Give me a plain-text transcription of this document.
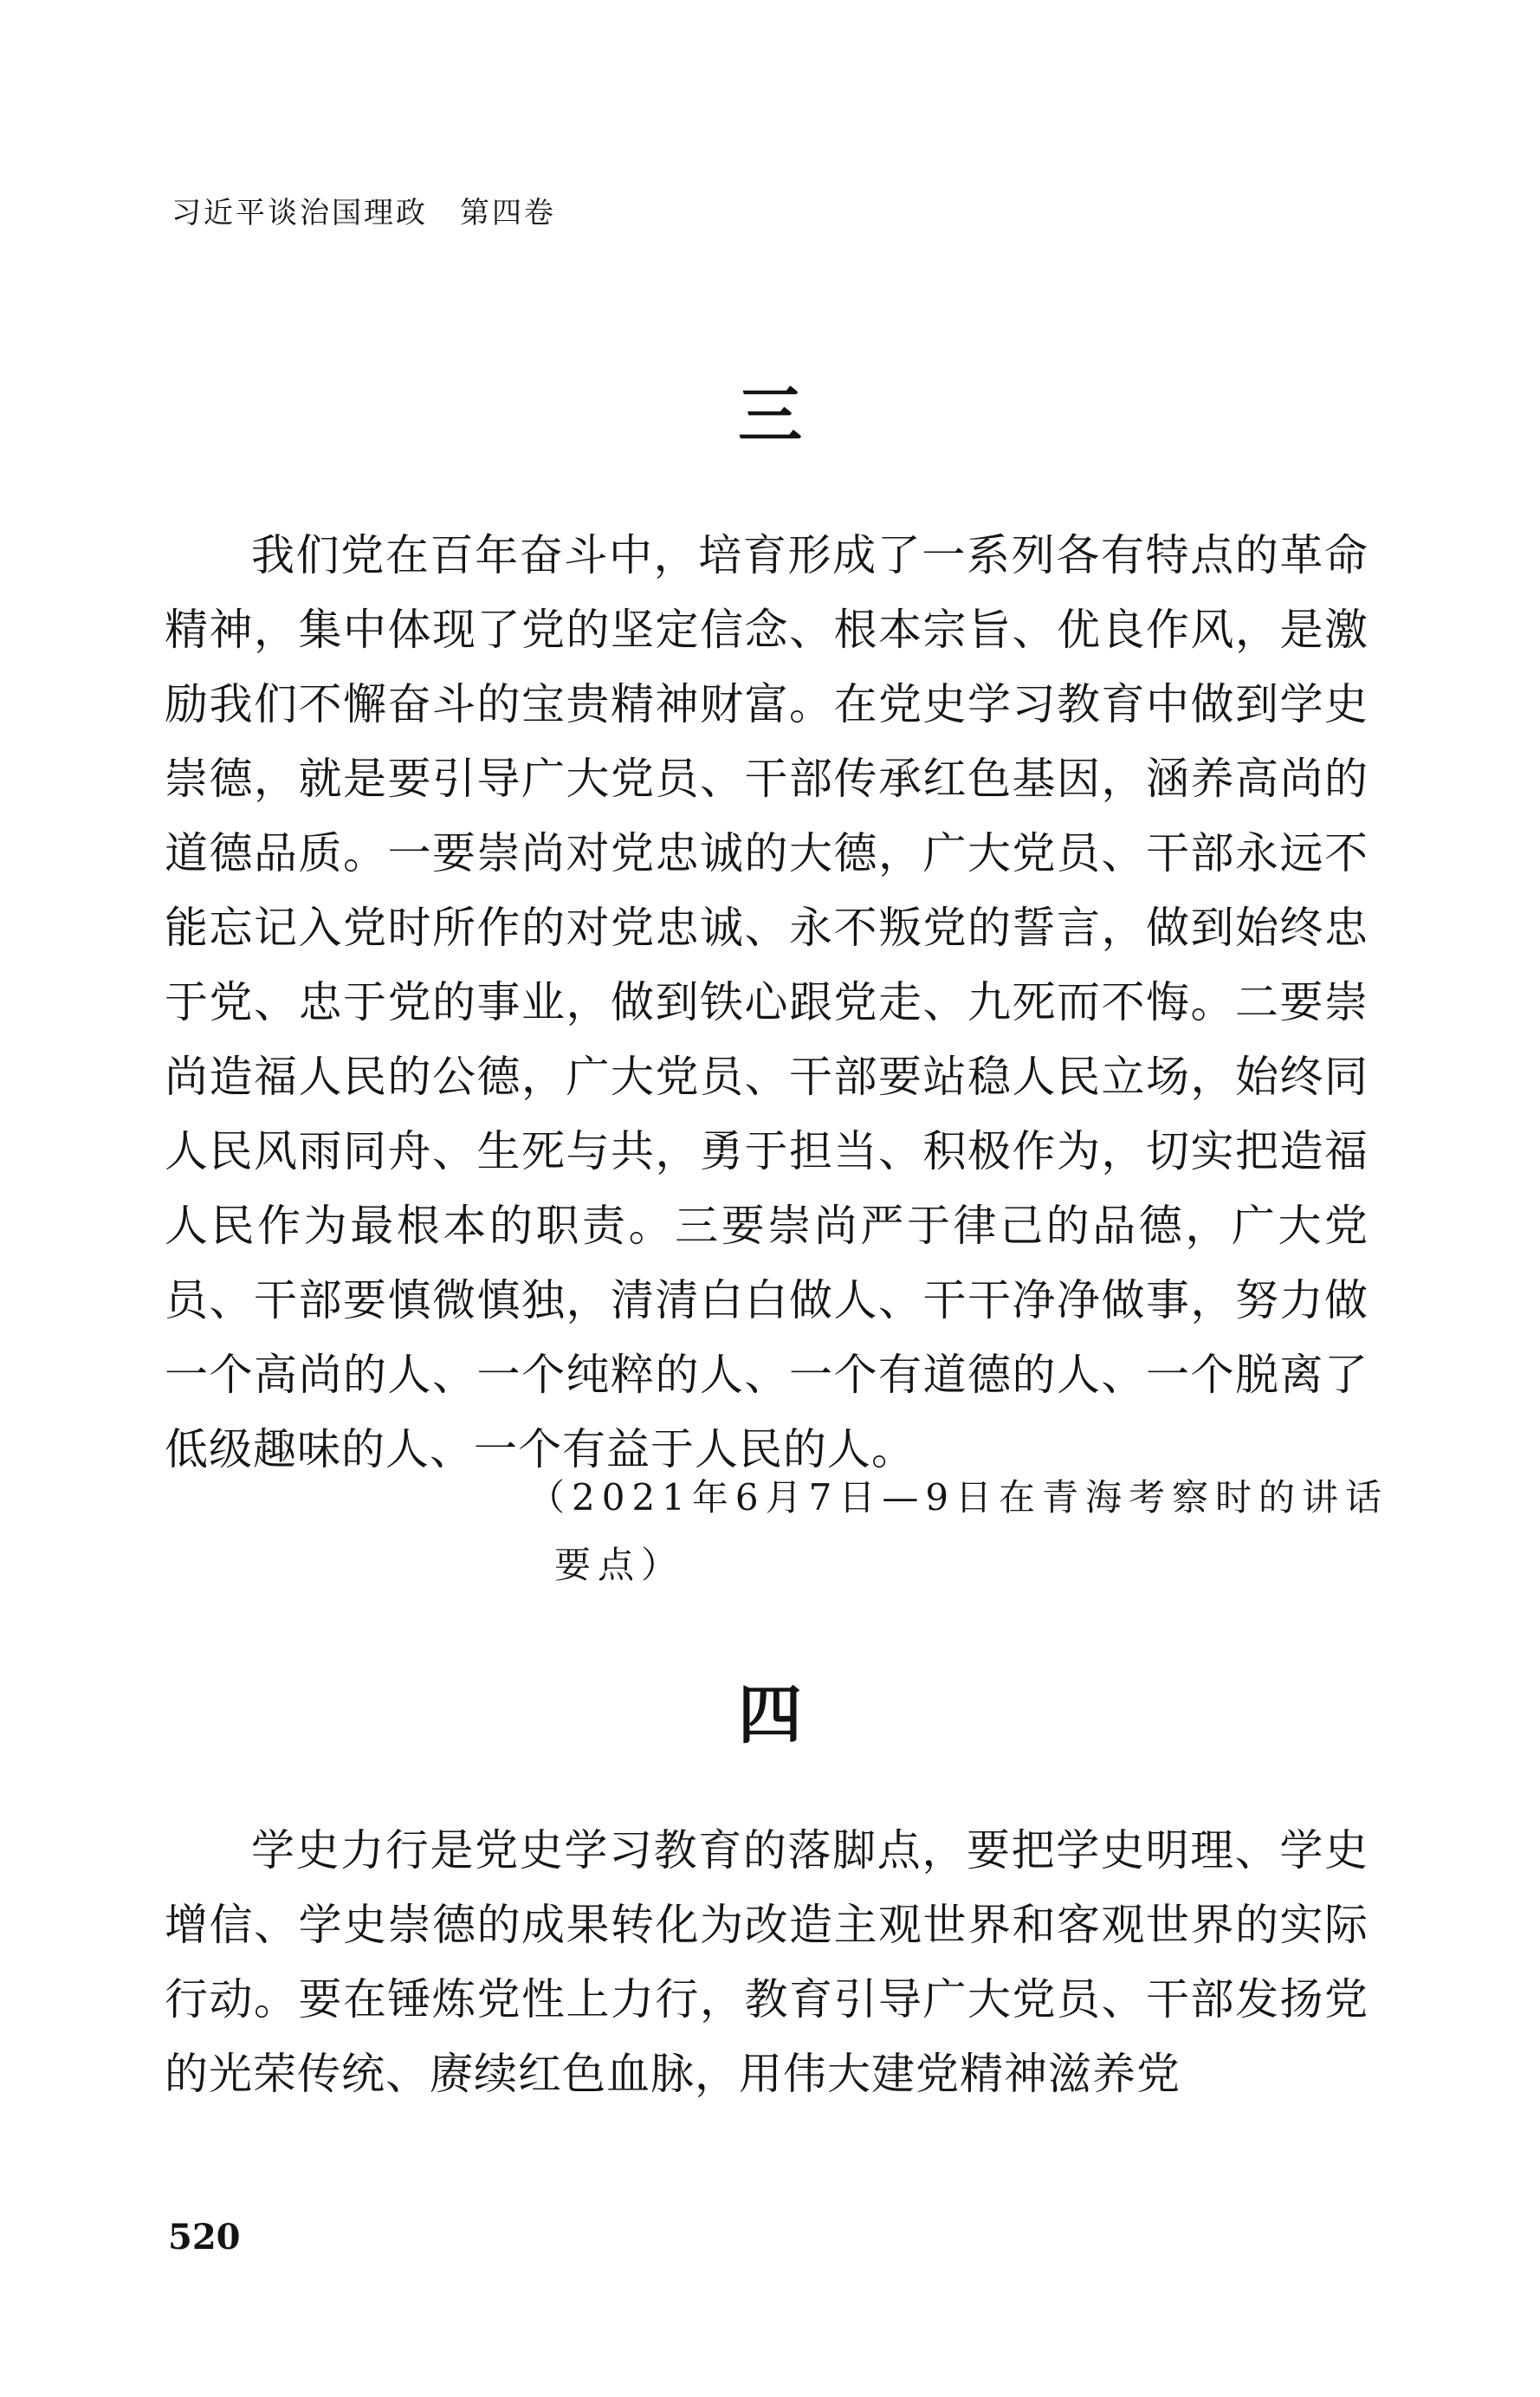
习近平谈治国理政　第四卷
三

我们党在百年奋斗中，培育形成了一系列各有特点的革命精神，集中体现了党的坚定信念、根本宗旨、优良作风，是激励我们不懈奋斗的宝贵精神财富。在党史学习教育中做到学史崇德，就是要引导广大党员、干部传承红色基因，涵养高尚的道德品质。一要崇尚对党忠诚的大德，广大党员、干部永远不能忘记入党时所作的对党忠诚、永不叛党的誓言，做到始终忠于党、忠于党的事业，做到铁心跟党走、九死而不悔。二要崇尚造福人民的公德，广大党员、干部要站稳人民立场，始终同人民风雨同舟、生死与共，勇于担当、积极作为，切实把造福人民作为最根本的职责。三要崇尚严于律己的品德，广大党员、干部要慎微慎独，清清白白做人、干干净净做事，努力做一个高尚的人、一个纯粹的人、一个有道德的人、一个脱离了低级趣味的人、一个有益于人民的人。

（2021年6月7日—9日在青海考察时的讲话要点）

四

学史力行是党史学习教育的落脚点，要把学史明理、学史增信、学史崇德的成果转化为改造主观世界和客观世界的实际行动。要在锤炼党性上力行，教育引导广大党员、干部发扬党的光荣传统、赓续红色血脉，用伟大建党精神滋养党

520
